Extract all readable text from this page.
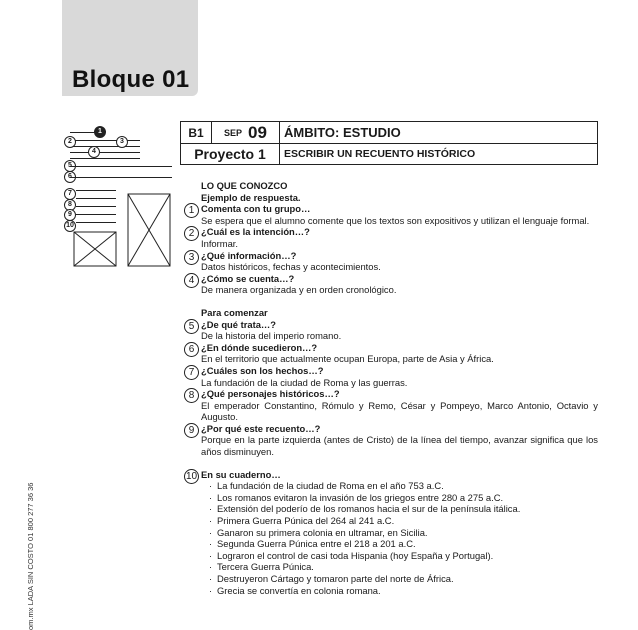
Bloque 01
om.mx LADA SIN COSTO 01 800 277 36 36
B1	SEP 09	ÁMBITO: ESTUDIO
Proyecto 1	ESCRIBIR UN RECUENTO HISTÓRICO
1
2	3
4
7
8
9
10
LO QUE CONOZCO
Ejemplo de respuesta.
1 Comenta con tu grupo…
Se espera que el alumno comente que los textos son expositivos y utilizan el lenguaje formal.
2 ¿Cuál es la intención…?
Informar.
3 ¿Qué información…?
Datos históricos, fechas y acontecimientos.
4 ¿Cómo se cuenta…?
De manera organizada y en orden cronológico.
Para comenzar
5 ¿De qué trata…?
De la historia del imperio romano.
6 ¿En dónde sucedieron…?
En el territorio que actualmente ocupan Europa, parte de Asia y África.
7 ¿Cuáles son los hechos…?
La fundación de la ciudad de Roma y las guerras.
8 ¿Qué personajes históricos…?
El emperador Constantino, Rómulo y Remo, César y Pompeyo, Marco Antonio, Octavio y Augusto.
9 ¿Por qué este recuento…?
Porque en la parte izquierda (antes de Cristo) de la línea del tiempo, avanzar significa que los años disminuyen.
10 En su cuaderno…
· La fundación de la ciudad de Roma en el año 753 a.C.
· Los romanos evitaron la invasión de los griegos entre 280 a 275 a.C.
· Extensión del poderío de los romanos hacia el sur de la península itálica.
· Primera Guerra Púnica del 264 al 241 a.C.
· Ganaron su primera colonia en ultramar, en Sicilia.
· Segunda Guerra Púnica entre el 218 a 201 a.C.
· Lograron el control de casi toda Hispania (hoy España y Portugal).
· Tercera Guerra Púnica.
· Destruyeron Cártago y tomaron parte del norte de África.
· Grecia se convertía en colonia romana.
